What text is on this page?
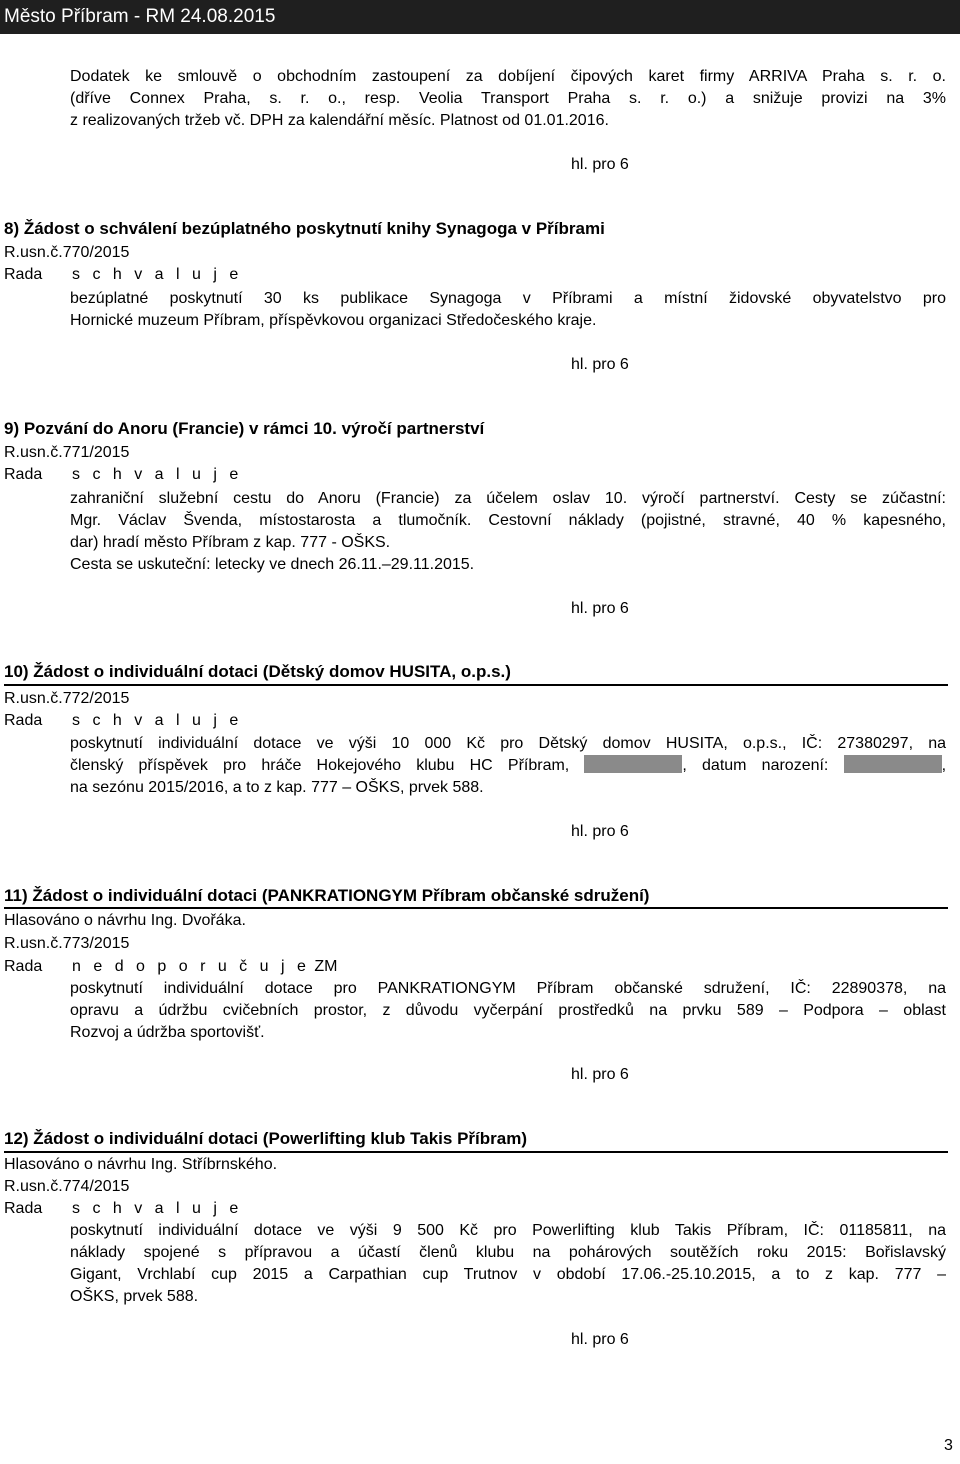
Město Příbram - RM 24.08.2015
Dodatek ke smlouvě o obchodním zastoupení za dobíjení čipových karet firmy ARRIVA Praha s. r. o.
(dříve Connex Praha, s. r. o., resp. Veolia Transport Praha s. r. o.) a snižuje provizi na 3%
z realizovaných tržeb vč. DPH za kalendářní měsíc. Platnost od 01.01.2016.
hl. pro 6
8) Žádost o schválení bezúplatného poskytnutí knihy Synagoga v Příbrami
R.usn.č.770/2015
Rada s c h v a l u j e
bezúplatné poskytnutí 30 ks publikace Synagoga v Příbrami a místní židovské obyvatelstvo pro
Hornické muzeum Příbram, příspěvkovou organizaci Středočeského kraje.
hl. pro 6
9) Pozvání do Anoru (Francie) v rámci 10. výročí partnerství
R.usn.č.771/2015
Rada s c h v a l u j e
zahraniční služební cestu do Anoru (Francie) za účelem oslav 10. výročí partnerství. Cesty se zúčastní:
Mgr. Václav Švenda, místostarosta a tlumočník. Cestovní náklady (pojistné, stravné, 40 % kapesného,
dar) hradí město Příbram z kap. 777 - OŠKS.
Cesta se uskuteční: letecky ve dnech 26.11.–29.11.2015.
hl. pro 6
10) Žádost o individuální dotaci (Dětský domov HUSITA, o.p.s.)
R.usn.č.772/2015
Rada s c h v a l u j e
poskytnutí individuální dotace ve výši 10 000 Kč pro Dětský domov HUSITA, o.p.s., IČ: 27380297, na
členský příspěvek pro hráče Hokejového klubu HC Příbram,	, datum narození:	,
na sezónu 2015/2016, a to z kap. 777 – OŠKS, prvek 588.
hl. pro 6
11) Žádost o individuální dotaci (PANKRATIONGYM Příbram občanské sdružení)
Hlasováno o návrhu Ing. Dvořáka.
R.usn.č.773/2015
Rada n e d o p o r u č u j e ZM
poskytnutí individuální dotace pro PANKRATIONGYM Příbram občanské sdružení, IČ: 22890378, na
opravu a údržbu cvičebních prostor, z důvodu vyčerpání prostředků na prvku 589 – Podpora – oblast
Rozvoj a údržba sportovišť.
hl. pro 6
12) Žádost o individuální dotaci (Powerlifting klub Takis Příbram)
Hlasováno o návrhu Ing. Stříbrnského.
R.usn.č.774/2015
Rada s c h v a l u j e
poskytnutí individuální dotace ve výši 9 500 Kč pro Powerlifting klub Takis Příbram, IČ: 01185811, na
náklady spojené s přípravou a účastí členů klubu na pohárových soutěžích roku 2015: Bořislavský
Gigant, Vrchlabí cup 2015 a Carpathian cup Trutnov v období 17.06.-25.10.2015, a to z kap. 777 –
OŠKS, prvek 588.
hl. pro 6
3
